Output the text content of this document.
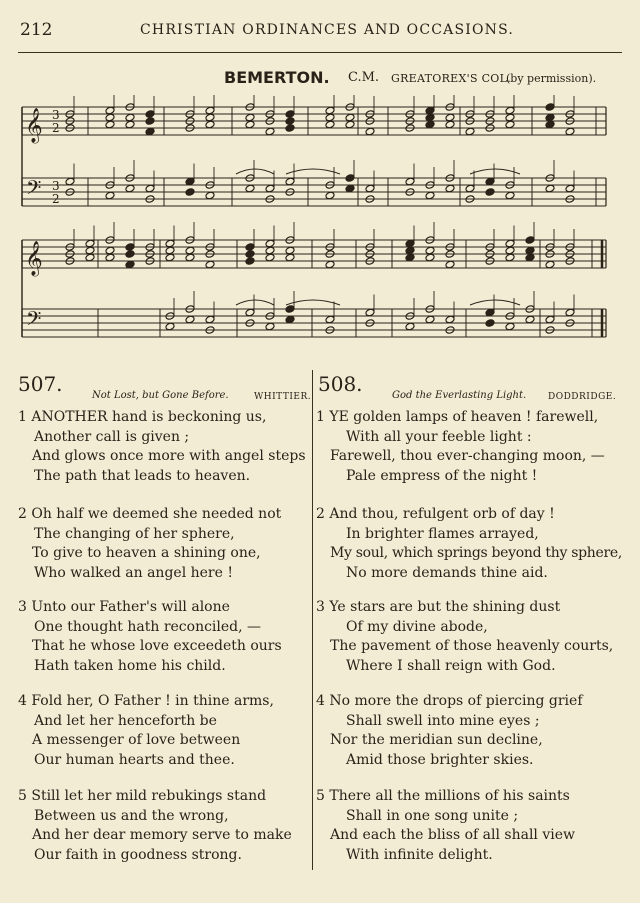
212	CHRISTIAN ORDINANCES AND OCCASIONS.
BEMERTON. C.M. GREATOREX'S COL.
(by permission).
𝄞
𝄢
3
2
3
2
𝄞
𝄢
507.	Not Lost, but Gone Before.	WHITTIER.
508.	God the Everlasting Light. DODDRIDGE.
1 ANOTHER hand is beckoning us,
Another call is given ;
And glows once more with angel steps
The path that leads to heaven.
2 Oh half we deemed she needed not
The changing of her sphere,
To give to heaven a shining one,
Who walked an angel here !
3 Unto our Father's will alone
One thought hath reconciled, —
That he whose love exceedeth ours
Hath taken home his child.
4 Fold her, O Father ! in thine arms,
And let her henceforth be
A messenger of love between
Our human hearts and thee.
5 Still let her mild rebukings stand
Between us and the wrong,
And her dear memory serve to make
Our faith in goodness strong.
1 YE golden lamps of heaven ! farewell,
With all your feeble light :
Farewell, thou ever-changing moon, —
Pale empress of the night !
2 And thou, refulgent orb of day !
In brighter flames arrayed,
My soul, which springs beyond thy sphere,
No more demands thine aid.
3 Ye stars are but the shining dust
Of my divine abode,
The pavement of those heavenly courts,
Where I shall reign with God.
4 No more the drops of piercing grief
Shall swell into mine eyes ;
Nor the meridian sun decline,
Amid those brighter skies.
5 There all the millions of his saints
Shall in one song unite ;
And each the bliss of all shall view
With infinite delight.
